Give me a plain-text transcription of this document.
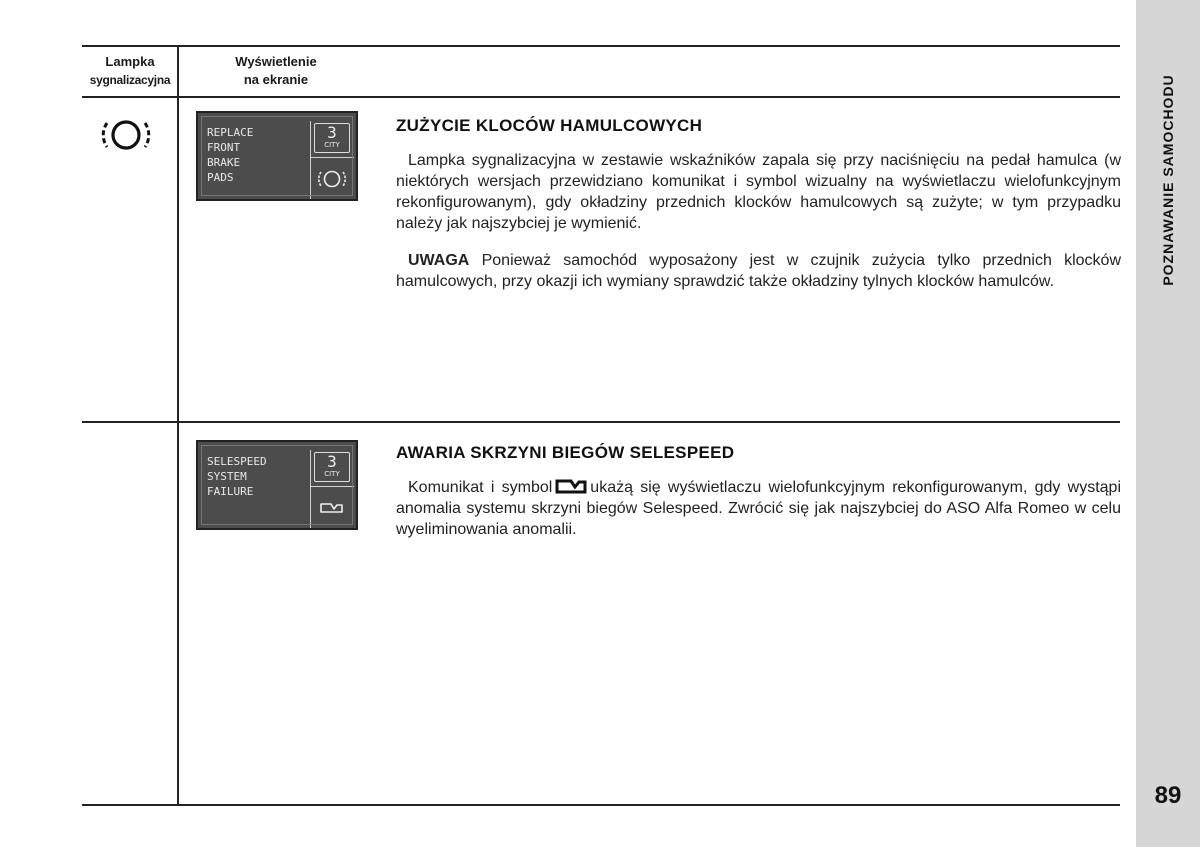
POZNAWANIE SAMOCHODU
89
Lampka
sygnalizacyjna
Wyświetlenie
na ekranie
REPLACE
FRONT
BRAKE
PADS
3
CITY
ZUŻYCIE KLOCÓW HAMULCOWYCH
Lampka sygnalizacyjna w zestawie wskaźników zapala się przy naciśnięciu na pedał hamulca (w niektórych wersjach przewidziano komunikat i symbol wizualny na wyświetlaczu wielofunkcyjnym rekonfigurowanym), gdy okładziny przednich klocków hamulcowych są zużyte; w tym przypadku należy jak najszybciej je wymienić.
UWAGA Ponieważ samochód wyposażony jest w czujnik zużycia tylko przednich klocków hamulcowych, przy okazji ich wymiany sprawdzić także okładziny tylnych klocków hamulców.
SELESPEED
SYSTEM
FAILURE
3
CITY
AWARIA SKRZYNI BIEGÓW SELESPEED
Komunikat i symbol ukażą się wyświetlaczu wielofunkcyjnym rekonfigurowanym, gdy wystąpi anomalia systemu skrzyni biegów Selespeed. Zwrócić się jak najszybciej do ASO Alfa Romeo w celu wyeliminowania anomalii.
